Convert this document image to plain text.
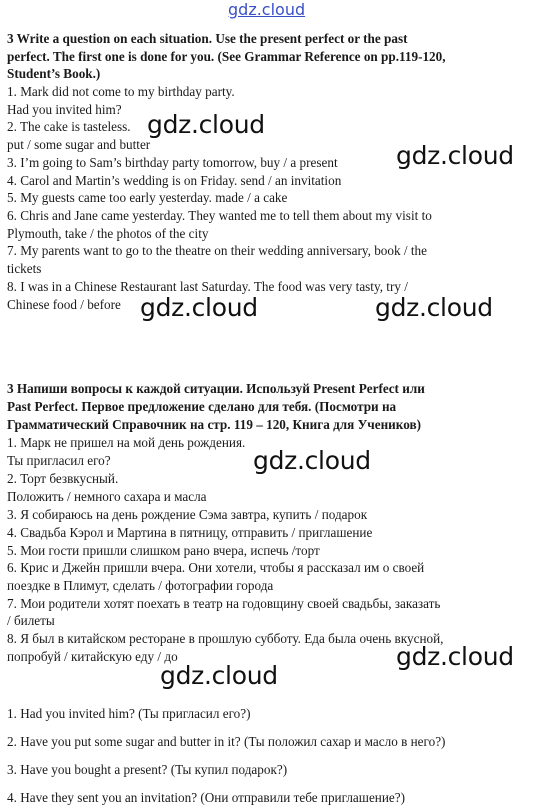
gdz.cloud
3 Write a question on each situation. Use the present perfect or the past
perfect. The first one is done for you. (See Grammar Reference on pp.119-120,
Student’s Book.)
1. Mark did not come to my birthday party.
Had you invited him?
2. The cake is tasteless.
put / some sugar and butter
3. I’m going to Sam’s birthday party tomorrow, buy / a present
4. Carol and Martin’s wedding is on Friday. send / an invitation
5. My guests came too early yesterday. made / a cake
6. Chris and Jane came yesterday. They wanted me to tell them about my visit to
Plymouth, take / the photos of the city
7. My parents want to go to the theatre on their wedding anniversary, book / the
tickets
8. I was in a Chinese Restaurant last Saturday. The food was very tasty, try /
Chinese food / before
3 Напиши вопросы к каждой ситуации. Используй Present Perfect или
Past Perfect. Первое предложение сделано для тебя. (Посмотри на
Грамматический Справочник на стр. 119 – 120, Книга для Учеников)
1. Марк не пришел на мой день рождения.
Ты пригласил его?
2. Торт безвкусный.
Положить / немного сахара и масла
3. Я собираюсь на день рождение Сэма завтра, купить / подарок
4. Свадьба Кэрол и Мартина в пятницу, отправить / приглашение
5. Мои гости пришли слишком рано вчера, испечь /торт
6. Крис и Джейн пришли вчера. Они хотели, чтобы я рассказал им о своей
поездке в Плимут, сделать / фотографии города
7. Мои родители хотят поехать в театр на годовщину своей свадьбы, заказать
/ билеты
8. Я был в китайском ресторане в прошлую субботу. Еда была очень вкусной,
попробуй / китайскую еду / до
1. Had you invited him? (Ты пригласил его?)
2. Have you put some sugar and butter in it? (Ты положил сахар и масло в него?)
3. Have you bought a present? (Ты купил подарок?)
4. Have they sent you an invitation? (Они отправили тебе приглашение?)
gdz.cloud
gdz.cloud
gdz.cloud	gdz.cloud
gdz.cloud
gdz.cloud
gdz.cloud
